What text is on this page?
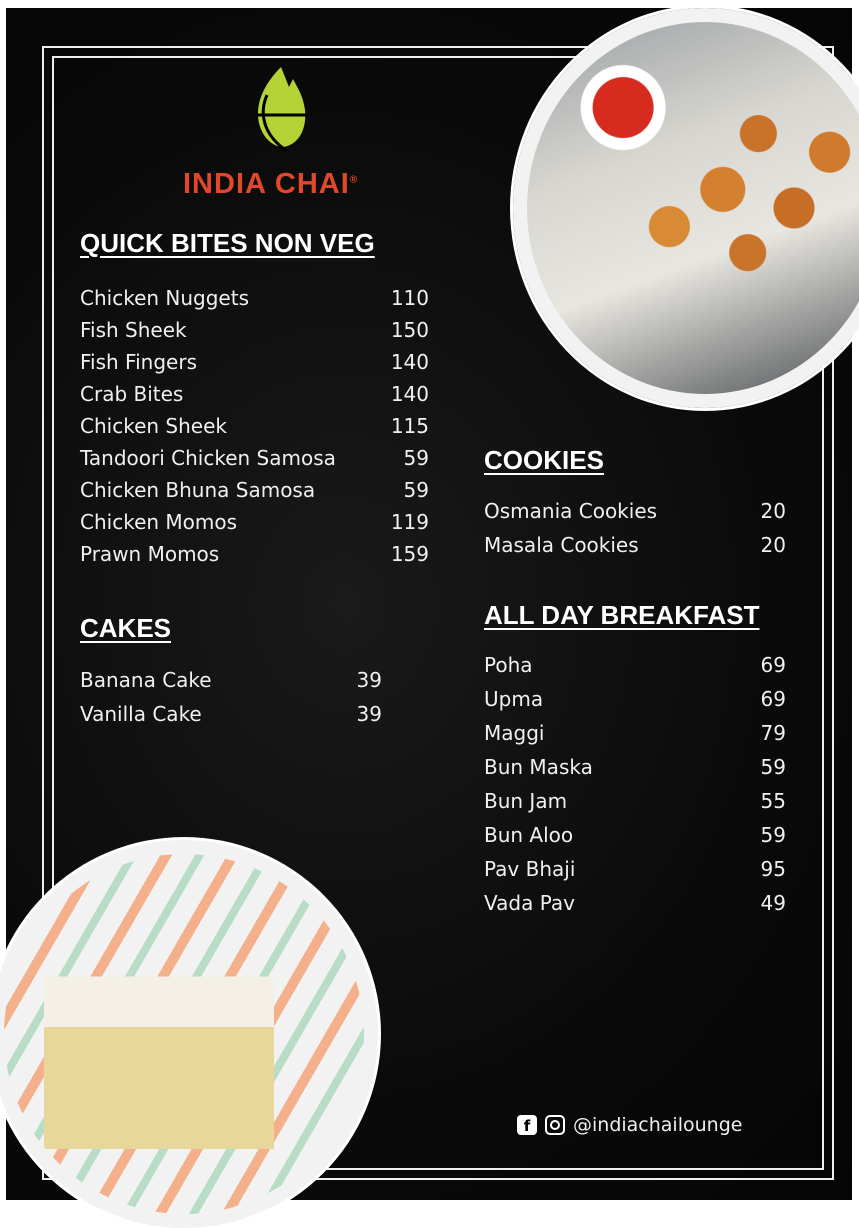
INDIA CHAI®
QUICK BITES NON VEG
Chicken Nuggets	110
Fish Sheek	150
Fish Fingers	140
Crab Bites	140
Chicken Sheek	115
Tandoori Chicken Samosa	59
Chicken Bhuna Samosa	59
Chicken Momos	119
Prawn Momos	159
CAKES
Banana Cake	39
Vanilla Cake	39
COOKIES
Osmania Cookies	20
Masala Cookies	20
ALL DAY BREAKFAST
Poha	69
Upma	69
Maggi	79
Bun Maska	59
Bun Jam	55
Bun Aloo	59
Pav Bhaji	95
Vada Pav	49
f	@indiachailounge
